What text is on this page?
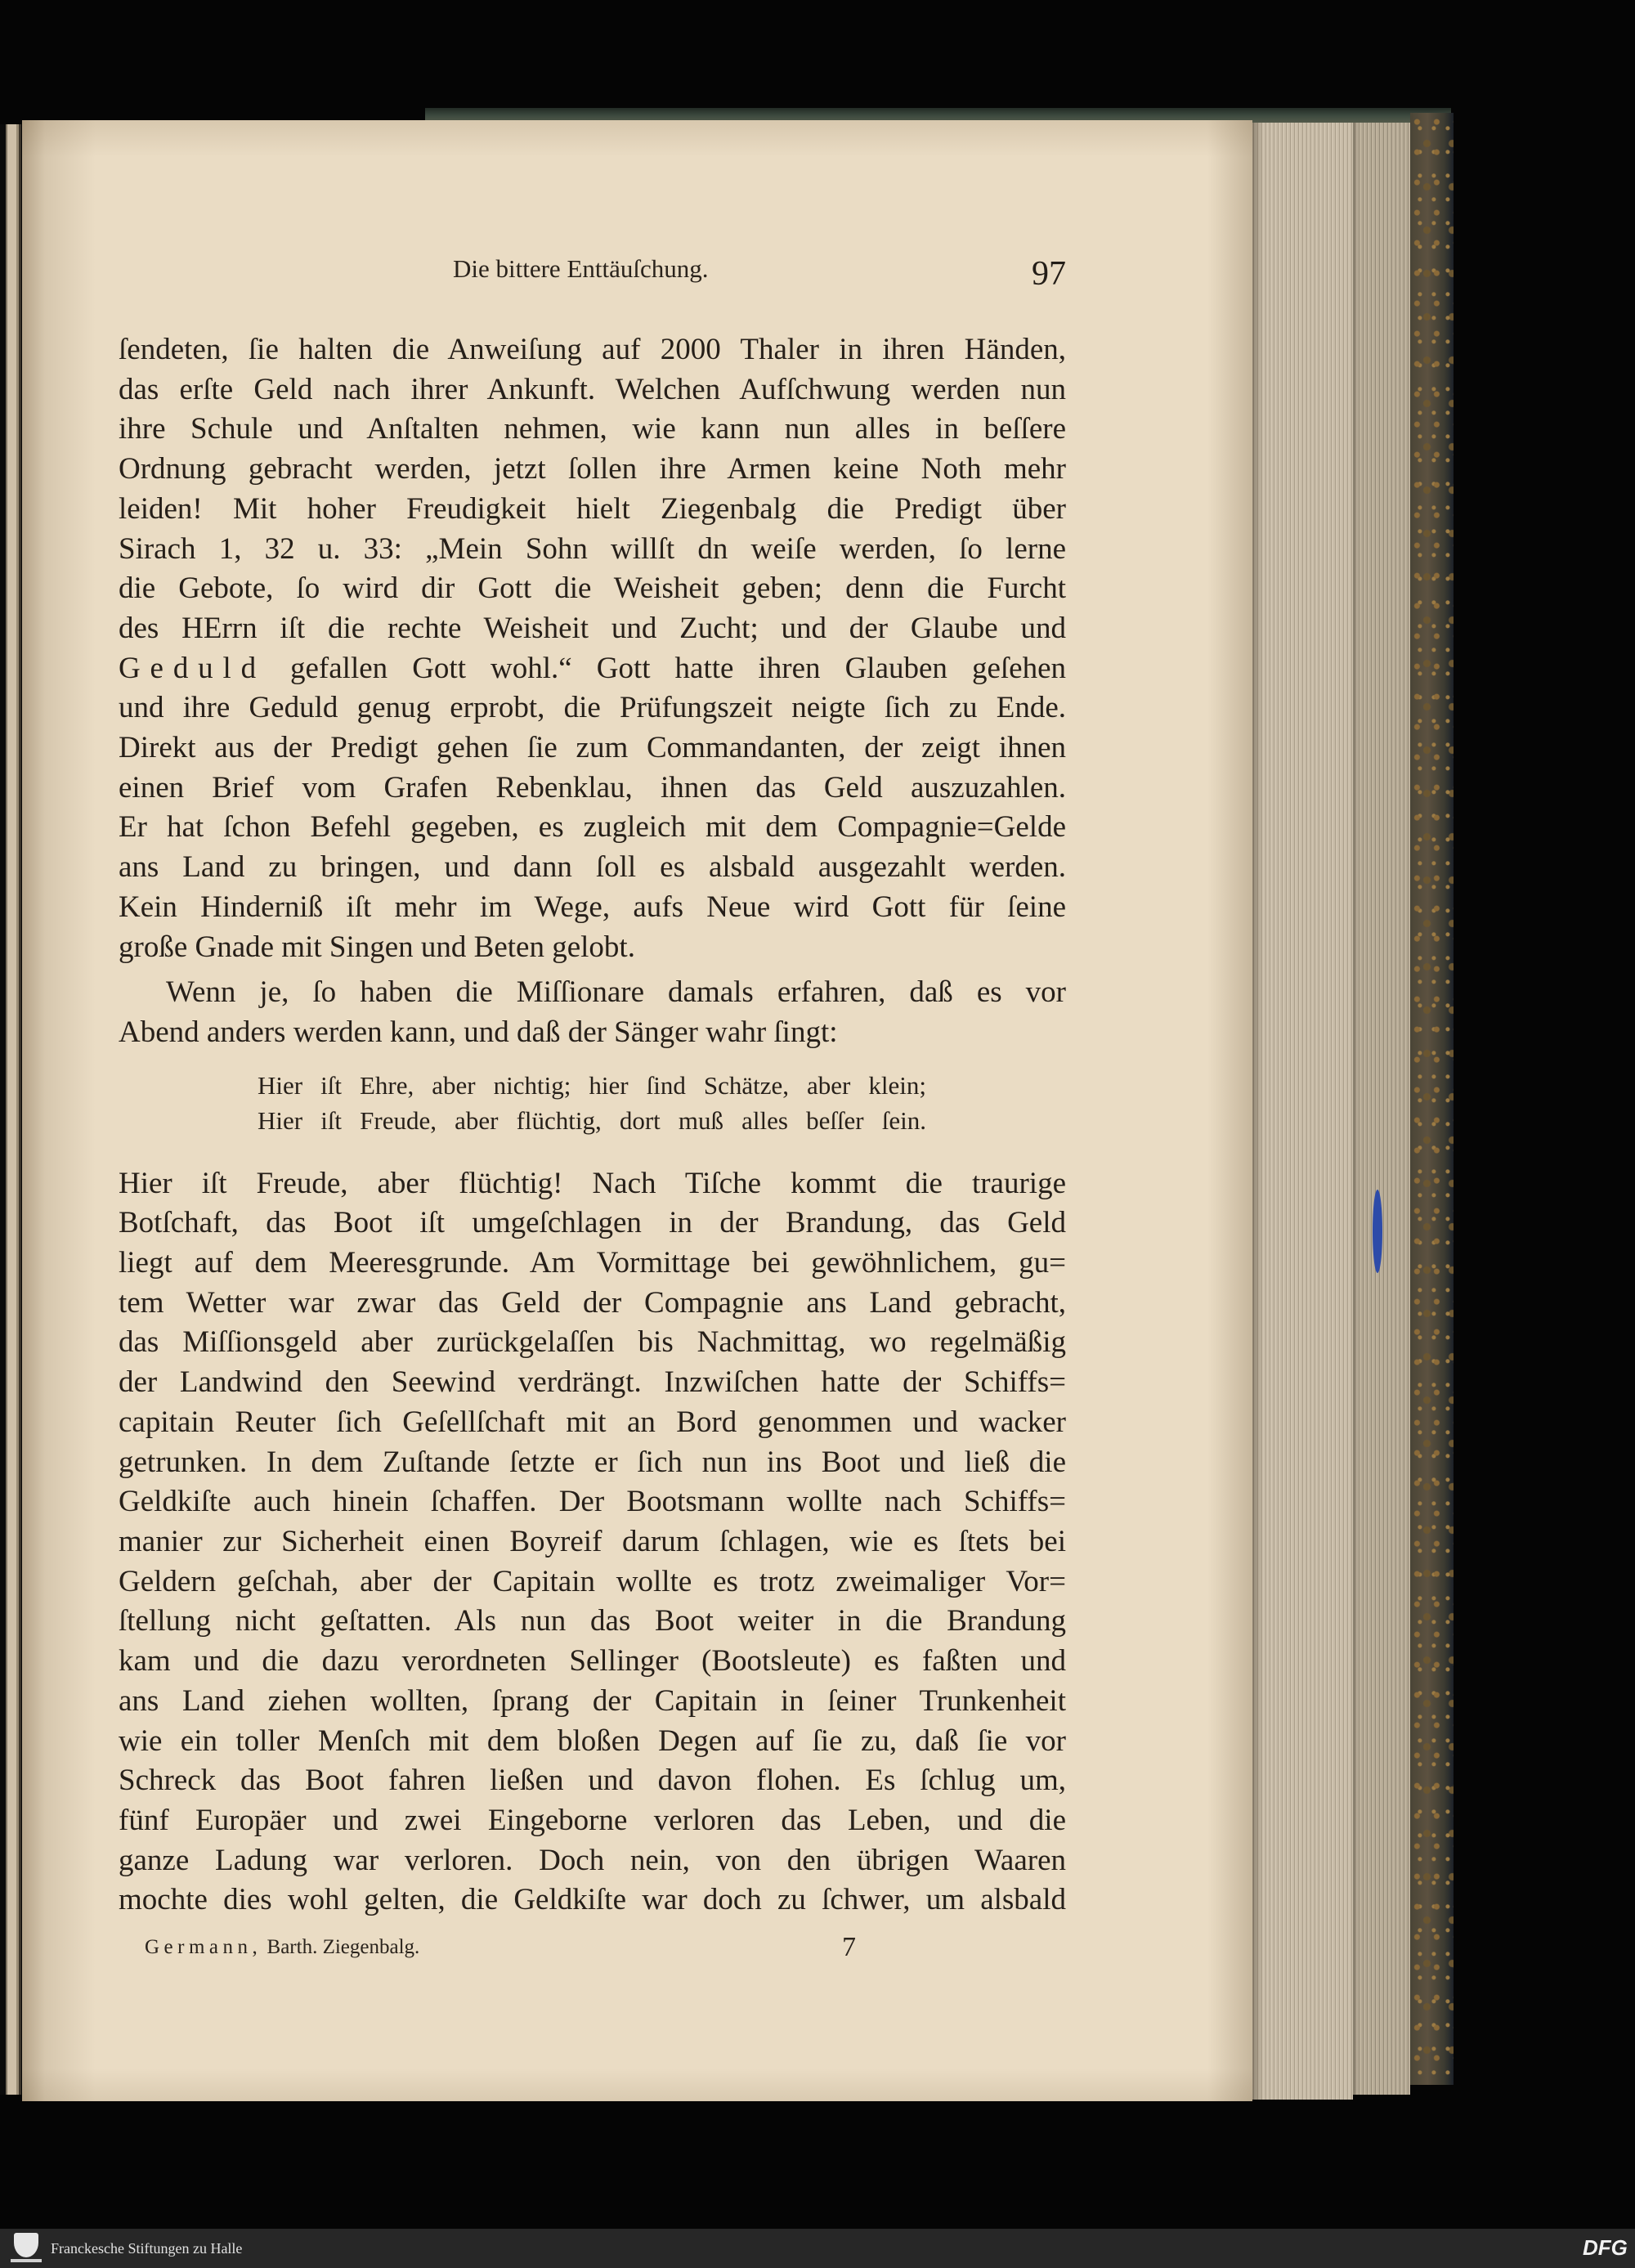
Die bittere Enttäuſchung.	97
ſendeten, ſie halten die Anweiſung auf 2000 Thaler in ihren Händen,
das erſte Geld nach ihrer Ankunft. Welchen Aufſchwung werden nun
ihre Schule und Anſtalten nehmen, wie kann nun alles in beſſere
Ordnung gebracht werden, jetzt ſollen ihre Armen keine Noth mehr
leiden! Mit hoher Freudigkeit hielt Ziegenbalg die Predigt über
Sirach 1, 32 u. 33: „Mein Sohn willſt dn weiſe werden, ſo lerne
die Gebote, ſo wird dir Gott die Weisheit geben; denn die Furcht
des HErrn iſt die rechte Weisheit und Zucht; und der Glaube und
Geduld gefallen Gott wohl.“ Gott hatte ihren Glauben geſehen
und ihre Geduld genug erprobt, die Prüfungszeit neigte ſich zu Ende.
Direkt aus der Predigt gehen ſie zum Commandanten, der zeigt ihnen
einen Brief vom Grafen Rebenklau, ihnen das Geld auszuzahlen.
Er hat ſchon Befehl gegeben, es zugleich mit dem Compagnie=Gelde
ans Land zu bringen, und dann ſoll es alsbald ausgezahlt werden.
Kein Hinderniß iſt mehr im Wege, aufs Neue wird Gott für ſeine
große Gnade mit Singen und Beten gelobt.
Wenn je, ſo haben die Miſſionare damals erfahren, daß es vor
Abend anders werden kann, und daß der Sänger wahr ſingt:
Hier iſt Ehre, aber nichtig; hier ſind Schätze, aber klein;
Hier iſt Freude, aber flüchtig, dort muß alles beſſer ſein.
Hier iſt Freude, aber flüchtig! Nach Tiſche kommt die traurige
Botſchaft, das Boot iſt umgeſchlagen in der Brandung, das Geld
liegt auf dem Meeresgrunde. Am Vormittage bei gewöhnlichem, gu=
tem Wetter war zwar das Geld der Compagnie ans Land gebracht,
das Miſſionsgeld aber zurückgelaſſen bis Nachmittag, wo regelmäßig
der Landwind den Seewind verdrängt. Inzwiſchen hatte der Schiffs=
capitain Reuter ſich Geſellſchaft mit an Bord genommen und wacker
getrunken. In dem Zuſtande ſetzte er ſich nun ins Boot und ließ die
Geldkiſte auch hinein ſchaffen. Der Bootsmann wollte nach Schiffs=
manier zur Sicherheit einen Boyreif darum ſchlagen, wie es ſtets bei
Geldern geſchah, aber der Capitain wollte es trotz zweimaliger Vor=
ſtellung nicht geſtatten. Als nun das Boot weiter in die Brandung
kam und die dazu verordneten Sellinger (Bootsleute) es faßten und
ans Land ziehen wollten, ſprang der Capitain in ſeiner Trunkenheit
wie ein toller Menſch mit dem bloßen Degen auf ſie zu, daß ſie vor
Schreck das Boot fahren ließen und davon flohen. Es ſchlug um,
fünf Europäer und zwei Eingeborne verloren das Leben, und die
ganze Ladung war verloren. Doch nein, von den übrigen Waaren
mochte dies wohl gelten, die Geldkiſte war doch zu ſchwer, um alsbald
Germann, Barth. Ziegenbalg.	7
Franckesche Stiftungen zu Halle	DFG
